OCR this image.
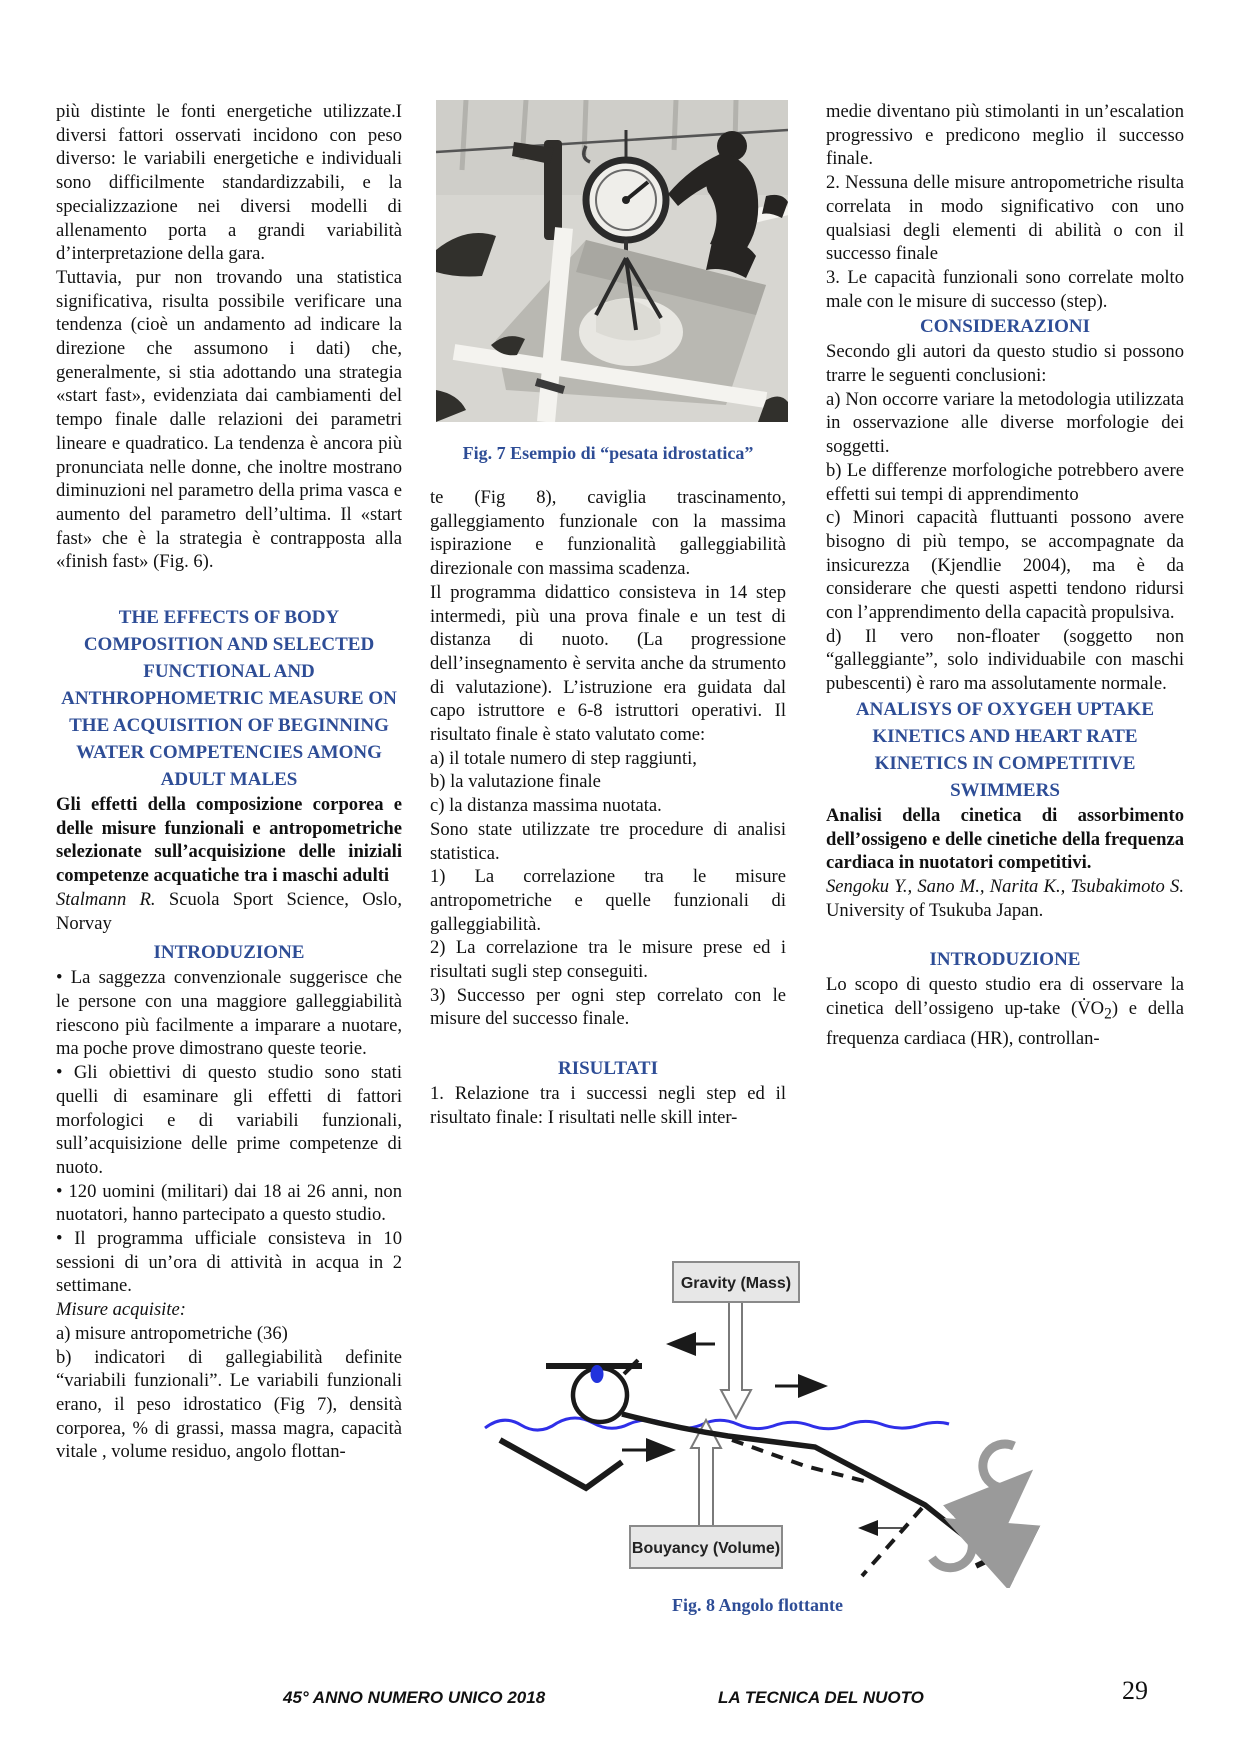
più distinte le fonti energetiche utilizzate.I diversi fattori osservati incidono con peso diverso: le variabili energetiche e individuali sono difficilmente standardizzabili, e la specializzazione nei diversi modelli di allenamento porta a grandi variabilità d’interpretazione della gara.

Tuttavia, pur non trovando una statistica significativa, risulta possibile verificare una tendenza (cioè un andamento ad indicare la direzione che assumono i dati) che, generalmente, si stia adottando una strategia «start fast», evidenziata dai cambiamenti del tempo finale dalle relazioni dei parametri lineare e quadratico. La tendenza è ancora più pronunciata nelle donne, che inoltre mostrano diminuzioni nel parametro della prima vasca e aumento del parametro dell’ultima. Il «start fast» che è la strategia è contrapposta alla «finish fast» (Fig. 6).

THE EFFECTS OF BODY COMPOSITION AND SELECTED FUNCTIONAL AND ANTHROPHOMETRIC MEASURE ON THE ACQUISITION OF BEGINNING WATER COMPETENCIES AMONG ADULT MALES

Gli effetti della composizione corporea e delle misure funzionali e antropometriche selezionate sull’acquisizione delle iniziali competenze acquatiche tra i maschi adulti

Stalmann R. Scuola Sport Science, Oslo, Norvay

INTRODUZIONE

• La saggezza convenzionale suggerisce che le persone con una maggiore galleggiabilità riescono più facilmente a imparare a nuotare, ma poche prove dimostrano queste teorie.

• Gli obiettivi di questo studio sono stati quelli di esaminare gli effetti di fattori morfologici e di variabili funzionali, sull’acquisizione delle prime competenze di nuoto.

• 120 uomini (militari) dai 18 ai 26 anni, non nuotatori, hanno partecipato a questo studio.

• Il programma ufficiale consisteva in 10 sessioni di un’ora di attività in acqua in 2 settimane.

Misure acquisite:

a) misure antropometriche (36)

b) indicatori di gallegiabilità definite “variabili funzionali”. Le variabili funzionali erano, il peso idrostatico (Fig 7), densità corporea, % di grassi, massa magra, capacità vitale , volume residuo, angolo flottan-

Fig. 7 Esempio di “pesata idrostatica”

te (Fig 8), caviglia trascinamento, galleggiamento funzionale con la massima ispirazione e funzionalità galleggiabilità direzionale con massima scadenza.

Il programma didattico consisteva in 14 step intermedi, più una prova finale e un test di distanza di nuoto. (La progressione dell’insegnamento è servita anche da strumento di valutazione). L’istruzione era guidata dal capo istruttore e 6-8 istruttori operativi. Il risultato finale è stato valutato come:

a) il totale numero di step raggiunti,

b) la valutazione finale

c) la distanza massima nuotata.

Sono state utilizzate tre procedure di analisi statistica.

1) La correlazione tra le misure antropometriche e quelle funzionali di galleggiabilità.

2) La correlazione tra le misure prese ed i risultati sugli step conseguiti.

3) Successo per ogni step correlato con le misure del successo finale.

RISULTATI

1. Relazione tra i successi negli step ed il risultato finale: I risultati nelle skill inter-

medie diventano più stimolanti in un’escalation progressivo e predicono meglio il successo finale.

2. Nessuna delle misure antropometriche risulta correlata in modo significativo con uno qualsiasi degli elementi di abilità o con il successo finale

3. Le capacità funzionali sono correlate molto male con le misure di successo (step).

CONSIDERAZIONI

Secondo gli autori da questo studio si possono trarre le seguenti conclusioni:

a) Non occorre variare la metodologia utilizzata in osservazione alle diverse morfologie dei soggetti.

b) Le differenze morfologiche potrebbero avere effetti sui tempi di apprendimento

c) Minori capacità fluttuanti possono avere bisogno di più tempo, se accompagnate da insicurezza (Kjendlie 2004), ma è da considerare che questi aspetti tendono ridursi con l’apprendimento della capacità propulsiva.

d) Il vero non-floater (soggetto non “galleggiante”, solo individuabile con maschi pubescenti) è raro ma assolutamente normale.

ANALISYS OF OXYGEH UPTAKE KINETICS AND HEART RATE KINETICS IN COMPETITIVE SWIMMERS

Analisi della cinetica di assorbimento dell’ossigeno e delle cinetiche della frequenza cardiaca in nuotatori competitivi.

Sengoku Y., Sano M., Narita K., Tsubakimoto S. University of Tsukuba Japan.

INTRODUZIONE

Lo scopo di questo studio era di osservare la cinetica dell’ossigeno up-take $(V̇O_2)$ e della frequenza cardiaca (HR), controllan-

Gravity (Mass)
Bouyancy (Volume)
Fig. 8 Angolo flottante
45° ANNO NUMERO UNICO 2018	LA TECNICA DEL NUOTO	29
